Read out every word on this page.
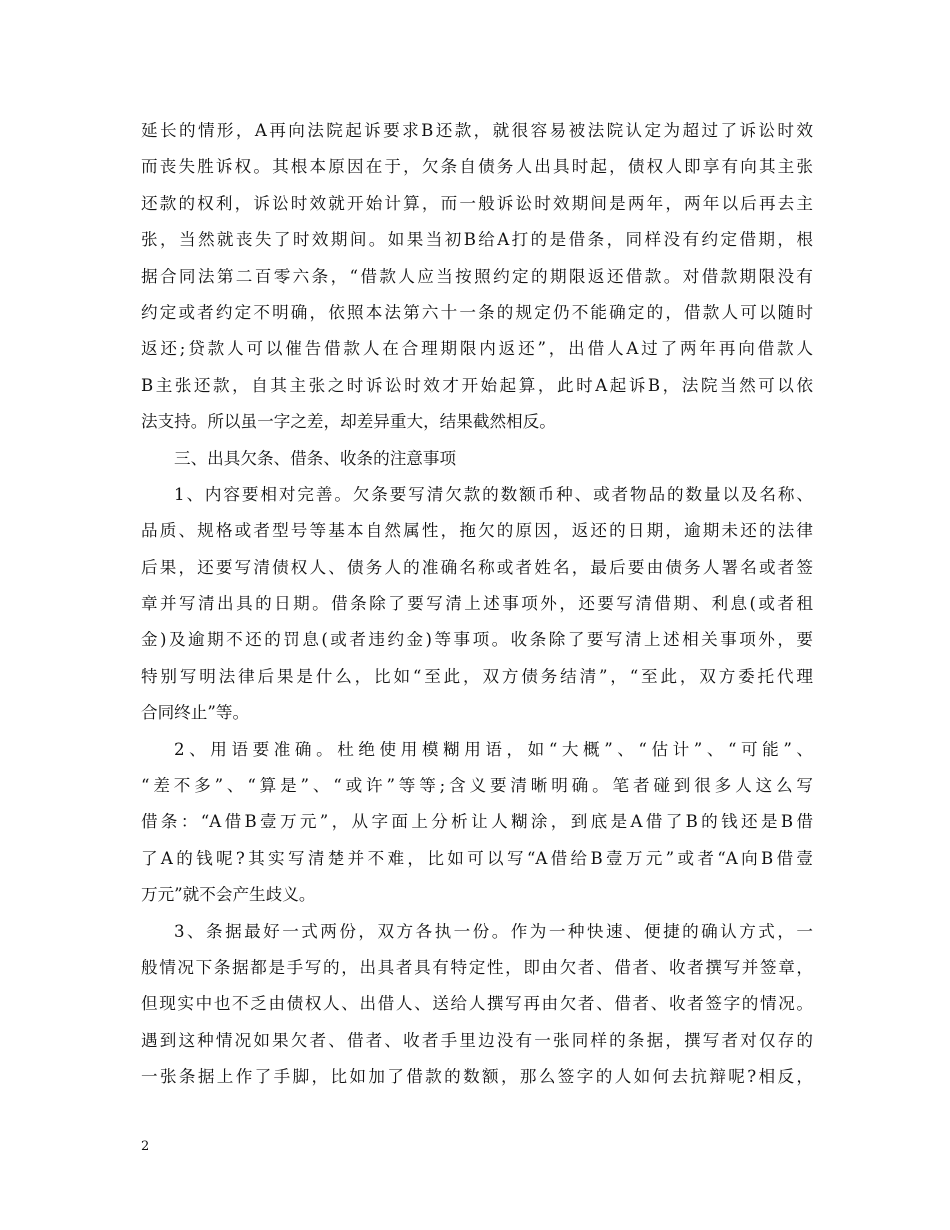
延长的情形，A再向法院起诉要求B还款，就很容易被法院认定为超过了诉讼时效
而丧失胜诉权。其根本原因在于，欠条自债务人出具时起，债权人即享有向其主张
还款的权利，诉讼时效就开始计算，而一般诉讼时效期间是两年，两年以后再去主
张，当然就丧失了时效期间。如果当初B给A打的是借条，同样没有约定借期，根
据合同法第二百零六条，“借款人应当按照约定的期限返还借款。对借款期限没有
约定或者约定不明确，依照本法第六十一条的规定仍不能确定的，借款人可以随时
返还;贷款人可以催告借款人在合理期限内返还”，出借人A过了两年再向借款人
B主张还款，自其主张之时诉讼时效才开始起算，此时A起诉B，法院当然可以依
法支持。所以虽一字之差，却差异重大，结果截然相反。
三、出具欠条、借条、收条的注意事项
1、内容要相对完善。欠条要写清欠款的数额币种、或者物品的数量以及名称、
品质、规格或者型号等基本自然属性，拖欠的原因，返还的日期，逾期未还的法律
后果，还要写清债权人、债务人的准确名称或者姓名，最后要由债务人署名或者签
章并写清出具的日期。借条除了要写清上述事项外，还要写清借期、利息(或者租
金)及逾期不还的罚息(或者违约金)等事项。收条除了要写清上述相关事项外，要
特别写明法律后果是什么，比如“至此，双方债务结清”，“至此，双方委托代理
合同终止”等。
2、用语要准确。杜绝使用模糊用语，如“大概”、“估计”、“可能”、
“差不多”、“算是”、“或许”等等;含义要清晰明确。笔者碰到很多人这么写
借条：“A借B壹万元”，从字面上分析让人糊涂，到底是A借了B的钱还是B借
了A的钱呢?其实写清楚并不难，比如可以写“A借给B壹万元”或者“A向B借壹
万元”就不会产生歧义。
3、条据最好一式两份，双方各执一份。作为一种快速、便捷的确认方式，一
般情况下条据都是手写的，出具者具有特定性，即由欠者、借者、收者撰写并签章，
但现实中也不乏由债权人、出借人、送给人撰写再由欠者、借者、收者签字的情况。
遇到这种情况如果欠者、借者、收者手里边没有一张同样的条据，撰写者对仅存的
一张条据上作了手脚，比如加了借款的数额，那么签字的人如何去抗辩呢?相反，
2
